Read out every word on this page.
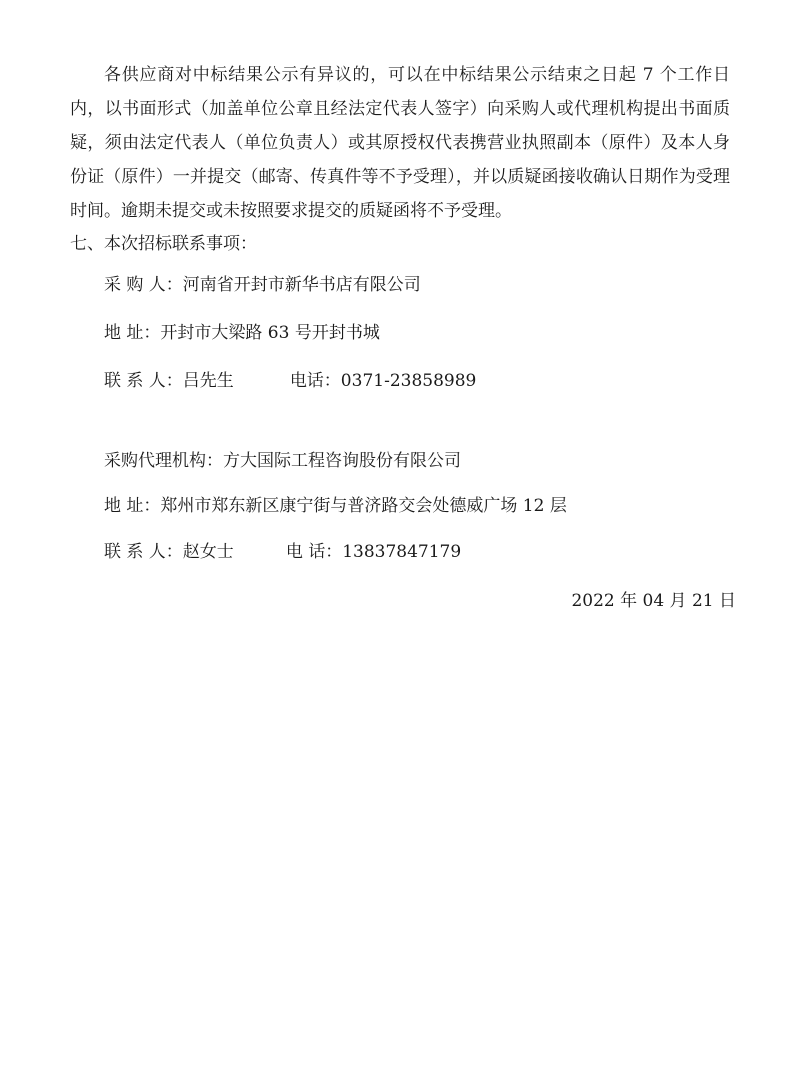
各供应商对中标结果公示有异议的，可以在中标结果公示结束之日起 7 个工作日内，以书面形式（加盖单位公章且经法定代表人签字）向采购人或代理机构提出书面质疑，须由法定代表人（单位负责人）或其原授权代表携营业执照副本（原件）及本人身份证（原件）一并提交（邮寄、传真件等不予受理），并以质疑函接收确认日期作为受理时间。逾期未提交或未按照要求提交的质疑函将不予受理。
七、本次招标联系事项：
采 购 人：河南省开封市新华书店有限公司
地 址：开封市大梁路 63 号开封书城
联 系 人：吕先生	电话：0371-23858989
采购代理机构：方大国际工程咨询股份有限公司
地 址：郑州市郑东新区康宁街与普济路交会处德威广场 12 层
联 系 人：赵女士	电 话：13837847179
2022 年 04 月 21 日
